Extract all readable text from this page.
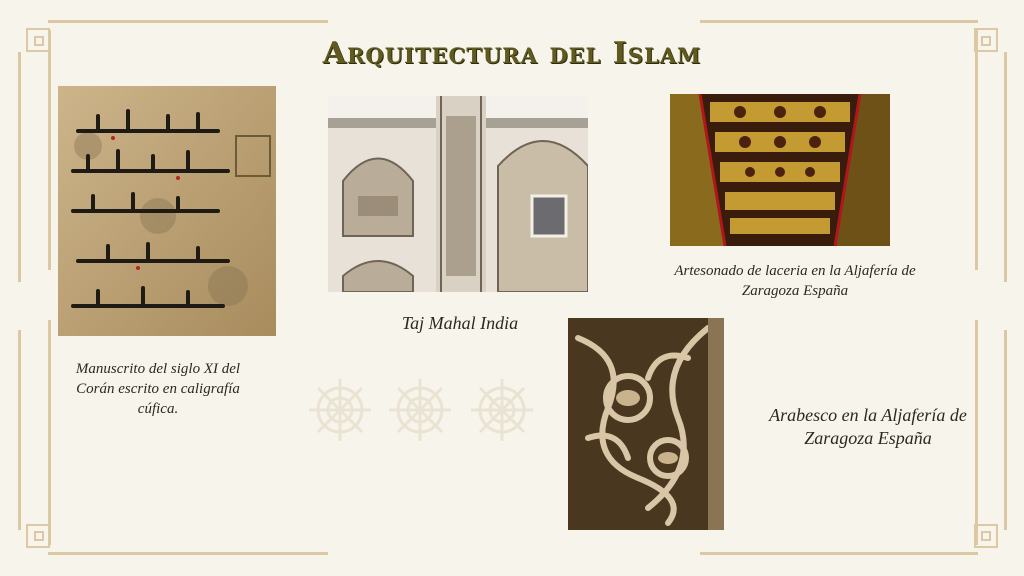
Arquitectura del Islam
Manuscrito del siglo XI del Corán escrito en caligrafía cúfica.
Taj Mahal India
Artesonado de laceria en la Aljafería de Zaragoza España
Arabesco en la Aljafería de Zaragoza España
